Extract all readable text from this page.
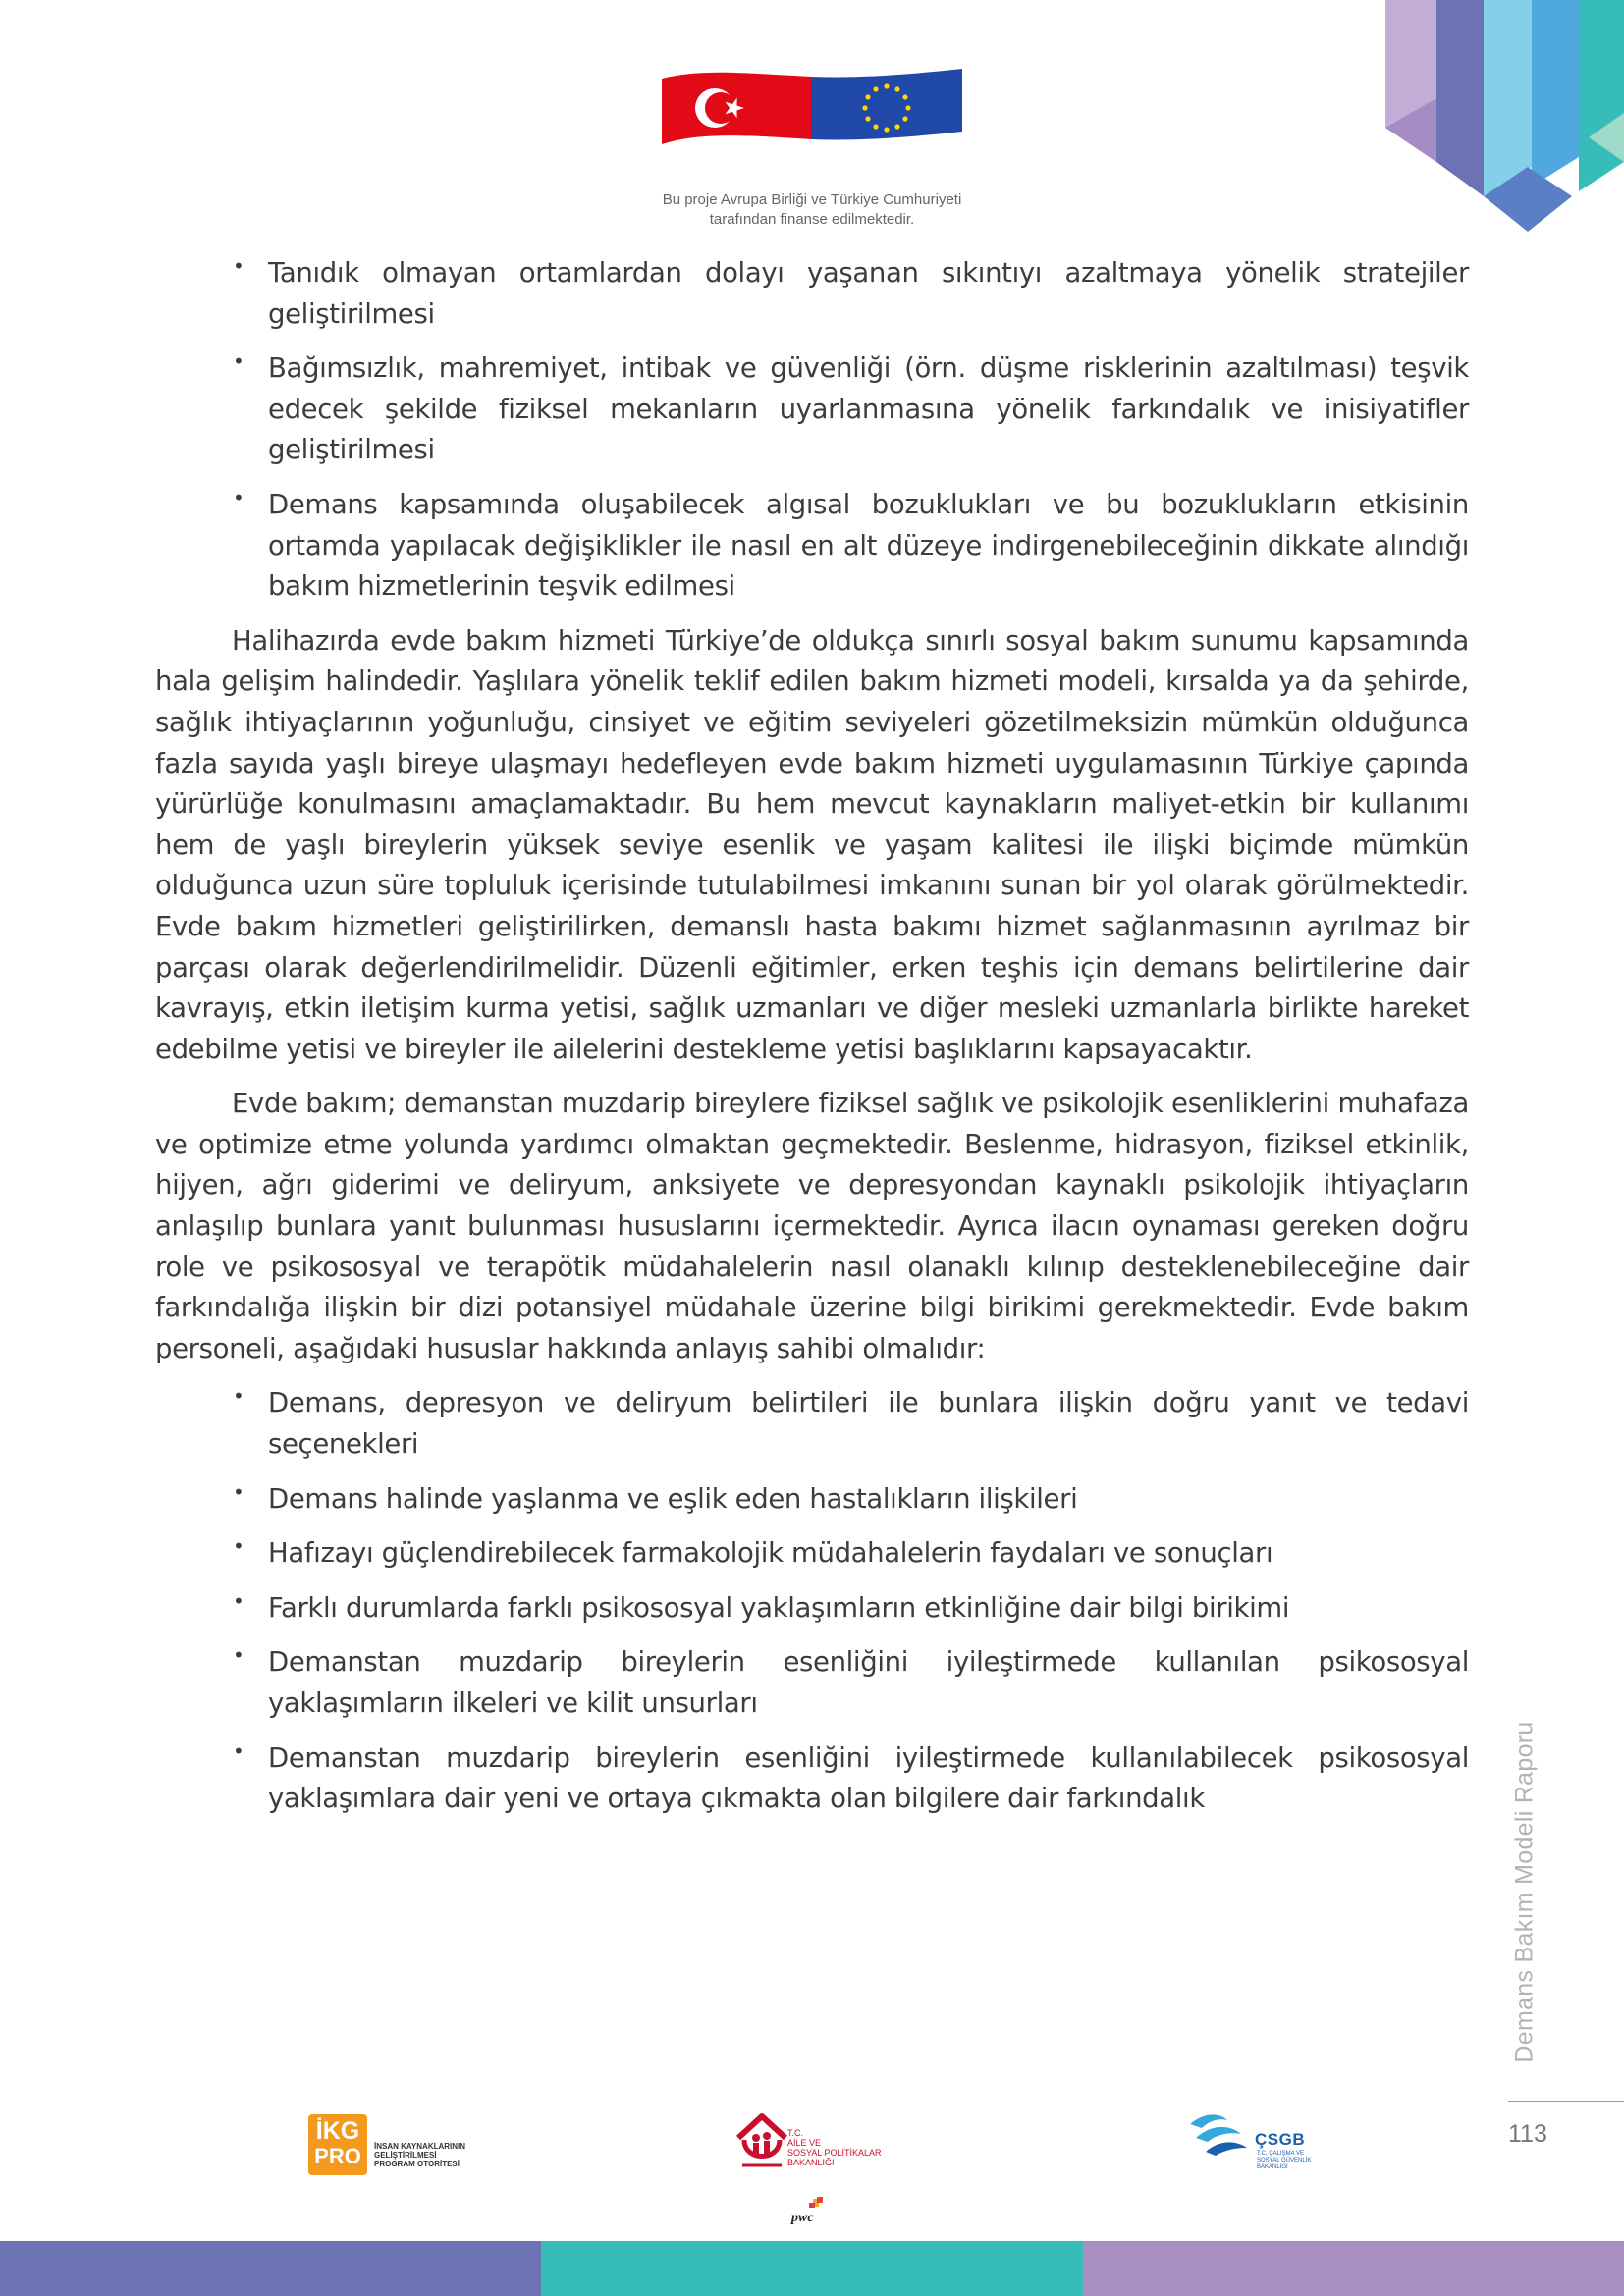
Bu proje Avrupa Birliği ve Türkiye Cumhuriyeti
tarafından finanse edilmektedir.
• Tanıdık olmayan ortamlardan dolayı yaşanan sıkıntıyı azaltmaya yönelik stratejiler geliştirilmesi
• Bağımsızlık, mahremiyet, intibak ve güvenliği (örn. düşme risklerinin azaltılması) teşvik edecek şekilde fiziksel mekanların uyarlanmasına yönelik farkındalık ve inisiyatifler geliştirilmesi
• Demans kapsamında oluşabilecek algısal bozuklukları ve bu bozuklukların etkisinin ortamda yapılacak değişiklikler ile nasıl en alt düzeye indirgenebileceğinin dikkate alındığı bakım hizmetlerinin teşvik edilmesi

Halihazırda evde bakım hizmeti Türkiye’de oldukça sınırlı sosyal bakım sunumu kapsamında hala gelişim halindedir. Yaşlılara yönelik teklif edilen bakım hizmeti modeli, kırsalda ya da şehirde, sağlık ihtiyaçlarının yoğunluğu, cinsiyet ve eğitim seviyeleri gözetilmeksizin mümkün olduğunca fazla sayıda yaşlı bireye ulaşmayı hedefleyen evde bakım hizmeti uygulamasının Türkiye çapında yürürlüğe konulmasını amaçlamaktadır. Bu hem mevcut kaynakların maliyet-etkin bir kullanımı hem de yaşlı bireylerin yüksek seviye esenlik ve yaşam kalitesi ile ilişki biçimde mümkün olduğunca uzun süre topluluk içerisinde tutulabilmesi imkanını sunan bir yol olarak görülmektedir. Evde bakım hizmetleri geliştirilirken, demanslı hasta bakımı hizmet sağlanmasının ayrılmaz bir parçası olarak değerlendirilmelidir. Düzenli eğitimler, erken teşhis için demans belirtilerine dair kavrayış, etkin iletişim kurma yetisi, sağlık uzmanları ve diğer mesleki uzmanlarla birlikte hareket edebilme yetisi ve bireyler ile ailelerini destekleme yetisi başlıklarını kapsayacaktır.

Evde bakım; demanstan muzdarip bireylere fiziksel sağlık ve psikolojik esenliklerini muhafaza ve optimize etme yolunda yardımcı olmaktan geçmektedir. Beslenme, hidrasyon, fiziksel etkinlik, hijyen, ağrı giderimi ve deliryum, anksiyete ve depresyondan kaynaklı psikolojik ihtiyaçların anlaşılıp bunlara yanıt bulunması hususlarını içermektedir. Ayrıca ilacın oynaması gereken doğru role ve psikososyal ve terapötik müdahalelerin nasıl olanaklı kılınıp desteklenebileceğine dair farkındalığa ilişkin bir dizi potansiyel müdahale üzerine bilgi birikimi gerekmektedir. Evde bakım personeli, aşağıdaki hususlar hakkında anlayış sahibi olmalıdır:

• Demans, depresyon ve deliryum belirtileri ile bunlara ilişkin doğru yanıt ve tedavi seçenekleri
• Demans halinde yaşlanma ve eşlik eden hastalıkların ilişkileri
• Hafızayı güçlendirebilecek farmakolojik müdahalelerin faydaları ve sonuçları
• Farklı durumlarda farklı psikososyal yaklaşımların etkinliğine dair bilgi birikimi
• Demanstan muzdarip bireylerin esenliğini iyileştirmede kullanılan psikososyal yaklaşımların ilkeleri ve kilit unsurları
• Demanstan muzdarip bireylerin esenliğini iyileştirmede kullanılabilecek psikososyal yaklaşımlara dair yeni ve ortaya çıkmakta olan bilgilere dair farkındalık	Demans Bakım Modeli Raporu
113
İKG
PRO	İNSAN KAYNAKLARININ
GELİŞTİRİLMESİ
PROGRAM OTORİTESİ
T.C.
AİLE VE
SOSYAL POLİTİKALAR
BAKANLIĞI
pwc
ÇSGB
T.C. ÇALIŞMA VE
SOSYAL GÜVENLİK
BAKANLIĞI
